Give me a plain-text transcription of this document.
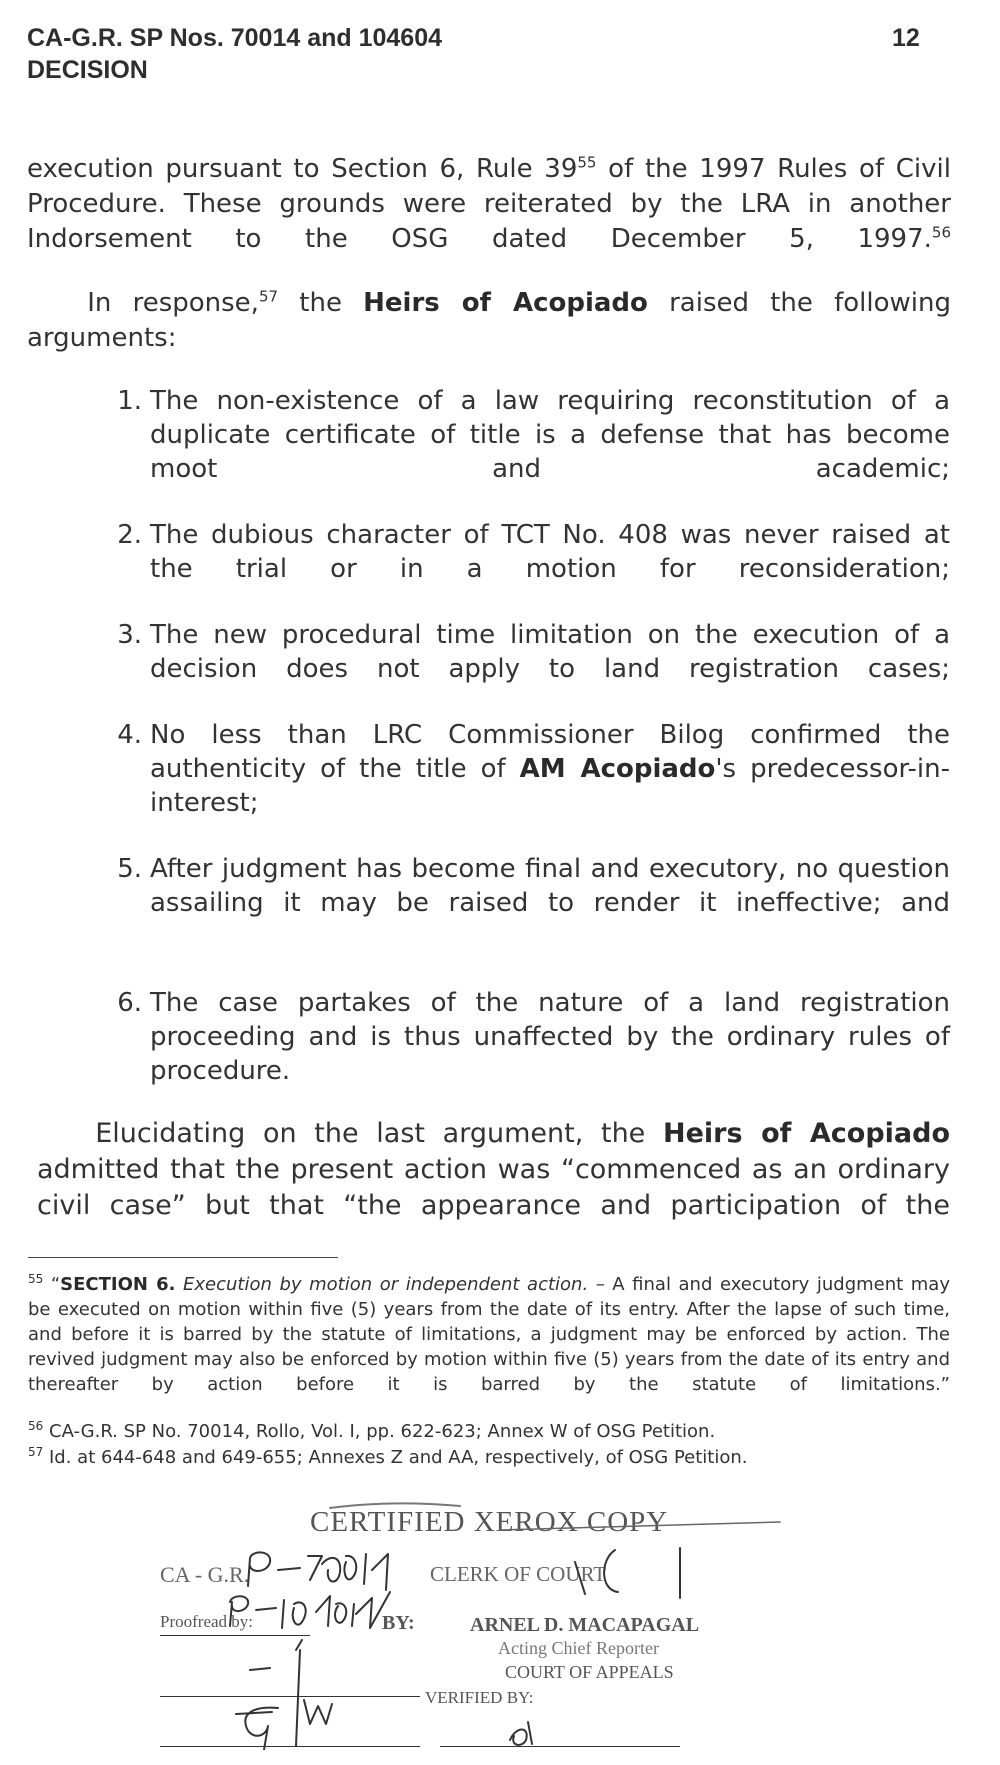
CA-G.R. SP Nos. 70014 and 104604
DECISION
12
execution pursuant to Section 6, Rule $39^{55}$ of the 1997 Rules of Civil Procedure. These grounds were reiterated by the LRA in another Indorsement to the OSG dated December 5, 1997.56
   In response,$^{57}$ the Heirs of Acopiado raised the following arguments:
1. The non-existence of a law requiring reconstitution of a duplicate certificate of title is a defense that has become moot and academic;
2. The dubious character of TCT No. 408 was never raised at the trial or in a motion for reconsideration;
3. The new procedural time limitation on the execution of a decision does not apply to land registration cases;
4. No less than LRC Commissioner Bilog confirmed the authenticity of the title of AM Acopiado's predecessor-in-interest;
5. After judgment has become final and executory, no question assailing it may be raised to render it ineffective; and
6. The case partakes of the nature of a land registration proceeding and is thus unaffected by the ordinary rules of procedure.
   Elucidating on the last argument, the Heirs of Acopiado admitted that the present action was “commenced as an ordinary civil case” but that “the appearance and participation of the
$^{55}$ “SECTION 6. Execution by motion or independent action. – A final and executory judgment may be executed on motion within five (5) years from the date of its entry. After the lapse of such time, and before it is barred by the statute of limitations, a judgment may be enforced by action. The revived judgment may also be enforced by motion within five (5) years from the date of its entry and thereafter by action before it is barred by the statute of limitations.”
$^{56}$ CA-G.R. SP No. 70014, Rollo, Vol. I, pp. 622-623; Annex W of OSG Petition.
$^{57}$ Id. at 644-648 and 649-655; Annexes Z and AA, respectively, of OSG Petition.
CERTIFIED XEROX COPY
CA - G.R.	CLERK OF COURT
Proofread by:	BY:	ARNEL D. MACAPAGAL
Acting Chief Reporter
COURT OF APPEALS
VERIFIED BY:
